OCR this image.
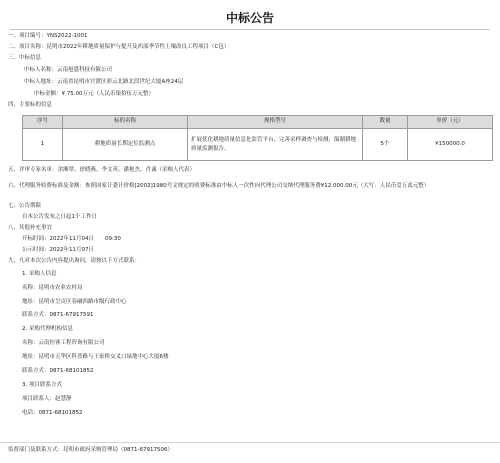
中标公告
一、项目编号：YNS2022-1001
二、项目名称：昆明市2022年耕地质量保护与提升及西部季节性土壤改良工程项目（C包）
三、中标信息
中标人名称：云南旭盛科技有限公司
中标人地址：云南省昆明市官渡区彩云北路北段世纪大厦A座24层
中标金额：¥ 75.00万元（人民币柒拾伍万元整）
四、主要标的信息
序号	标的名称	规格型号	数量	单价（元）
1	耕地质量长期定位监测点	扩展优化耕地质量信息化监管平台，完善采样调查与检测，编制耕地质量监测报告。	5个	¥150000.0
五、评审专家名单：余湘翠、徐晓燕、李文英、潘艳杰、肖诚（采购人代表）
六、代理服务收费标准及金额：参照国家计委计价格[2002]1980号文规定的收费标准由中标人一次性向代理公司交纳代理服务费¥12,000.00元（大写：人民币壹万贰元整）
七、公告期限
自本公告发布之日起1个工作日
八、其他补充事宜
开标时间：2022年11月04日　　09:30
公示时间：2022年11月07日
九、凡对本次公告内容提出询问，请按以下方式联系：
1. 采购人信息
名称：昆明市农业农村局
地址：昆明市呈贡区春融西路市级行政中心
联系方式：0871-67917591
2. 采购代理机构信息
名称：云南恒睿工程咨询有限公司
地址：昆明市五华区科普路与王家桥交叉口绿地中心大厦6楼
联系方式：0871-68101852
3. 项目联系方式
项目联系人：赵慧静
电话：0871-68101852
监督部门及联系方式：昆明市政府采购管理局（0871-67917506）
